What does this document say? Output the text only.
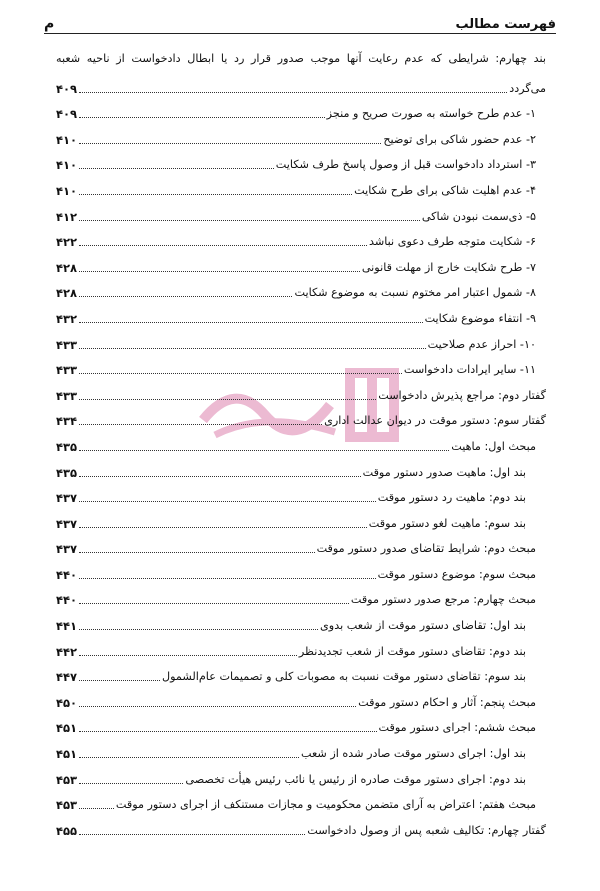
فهرست مطالب
م
بند چهارم: شرایطی که عدم رعایت آنها موجب صدور قرار رد یا ابطال دادخواست از ناحیه شعبه
می‌گردد
۴۰۹
۱- عدم طرح خواسته به صورت صریح و منجز
۴۰۹
۲- عدم حضور شاکی برای توضیح
۴۱۰
۳- استرداد دادخواست قبل از وصول پاسخ طرف شکایت
۴۱۰
۴- عدم اهلیت شاکی برای طرح شکایت
۴۱۰
۵- ذی‌سمت نبودن شاکی
۴۱۲
۶- شکایت متوجه طرف دعوی نباشد
۴۲۲
۷- طرح شکایت خارج از مهلت قانونی
۴۲۸
۸- شمول اعتبار امر مختوم نسبت به موضوع شکایت
۴۲۸
۹- انتفاء موضوع شکایت
۴۳۲
۱۰- احراز عدم صلاحیت
۴۳۳
۱۱- سایر ایرادات دادخواست
۴۳۳
گفتار دوم: مراجع پذیرش دادخواست
۴۳۳
گفتار سوم: دستور موقت در دیوان عدالت اداری
۴۳۴
مبحث اول: ماهیت
۴۳۵
بند اول: ماهیت صدور دستور موقت
۴۳۵
بند دوم: ماهیت رد دستور موقت
۴۳۷
بند سوم: ماهیت لغو دستور موقت
۴۳۷
مبحث دوم: شرایط تقاضای صدور دستور موقت
۴۳۷
مبحث سوم: موضوع دستور موقت
۴۴۰
مبحث چهارم: مرجع صدور دستور موقت
۴۴۰
بند اول: تقاضای دستور موقت از شعب بدوی
۴۴۱
بند دوم: تقاضای دستور موقت از شعب تجدیدنظر
۴۴۲
بند سوم: تقاضای دستور موقت نسبت به مصوبات کلی و تصمیمات عام‌الشمول
۴۴۷
مبحث پنجم: آثار و احکام دستور موقت
۴۵۰
مبحث ششم: اجرای دستور موقت
۴۵۱
بند اول: اجرای دستور موقت صادر شده از شعب
۴۵۱
بند دوم: اجرای دستور موقت صادره از رئیس یا نائب رئیس هیأت تخصصی
۴۵۳
مبحث هفتم: اعتراض به آرای متضمن محکومیت و مجازات مستنکف از اجرای دستور موقت
۴۵۳
گفتار چهارم: تکالیف شعبه پس از وصول دادخواست
۴۵۵
